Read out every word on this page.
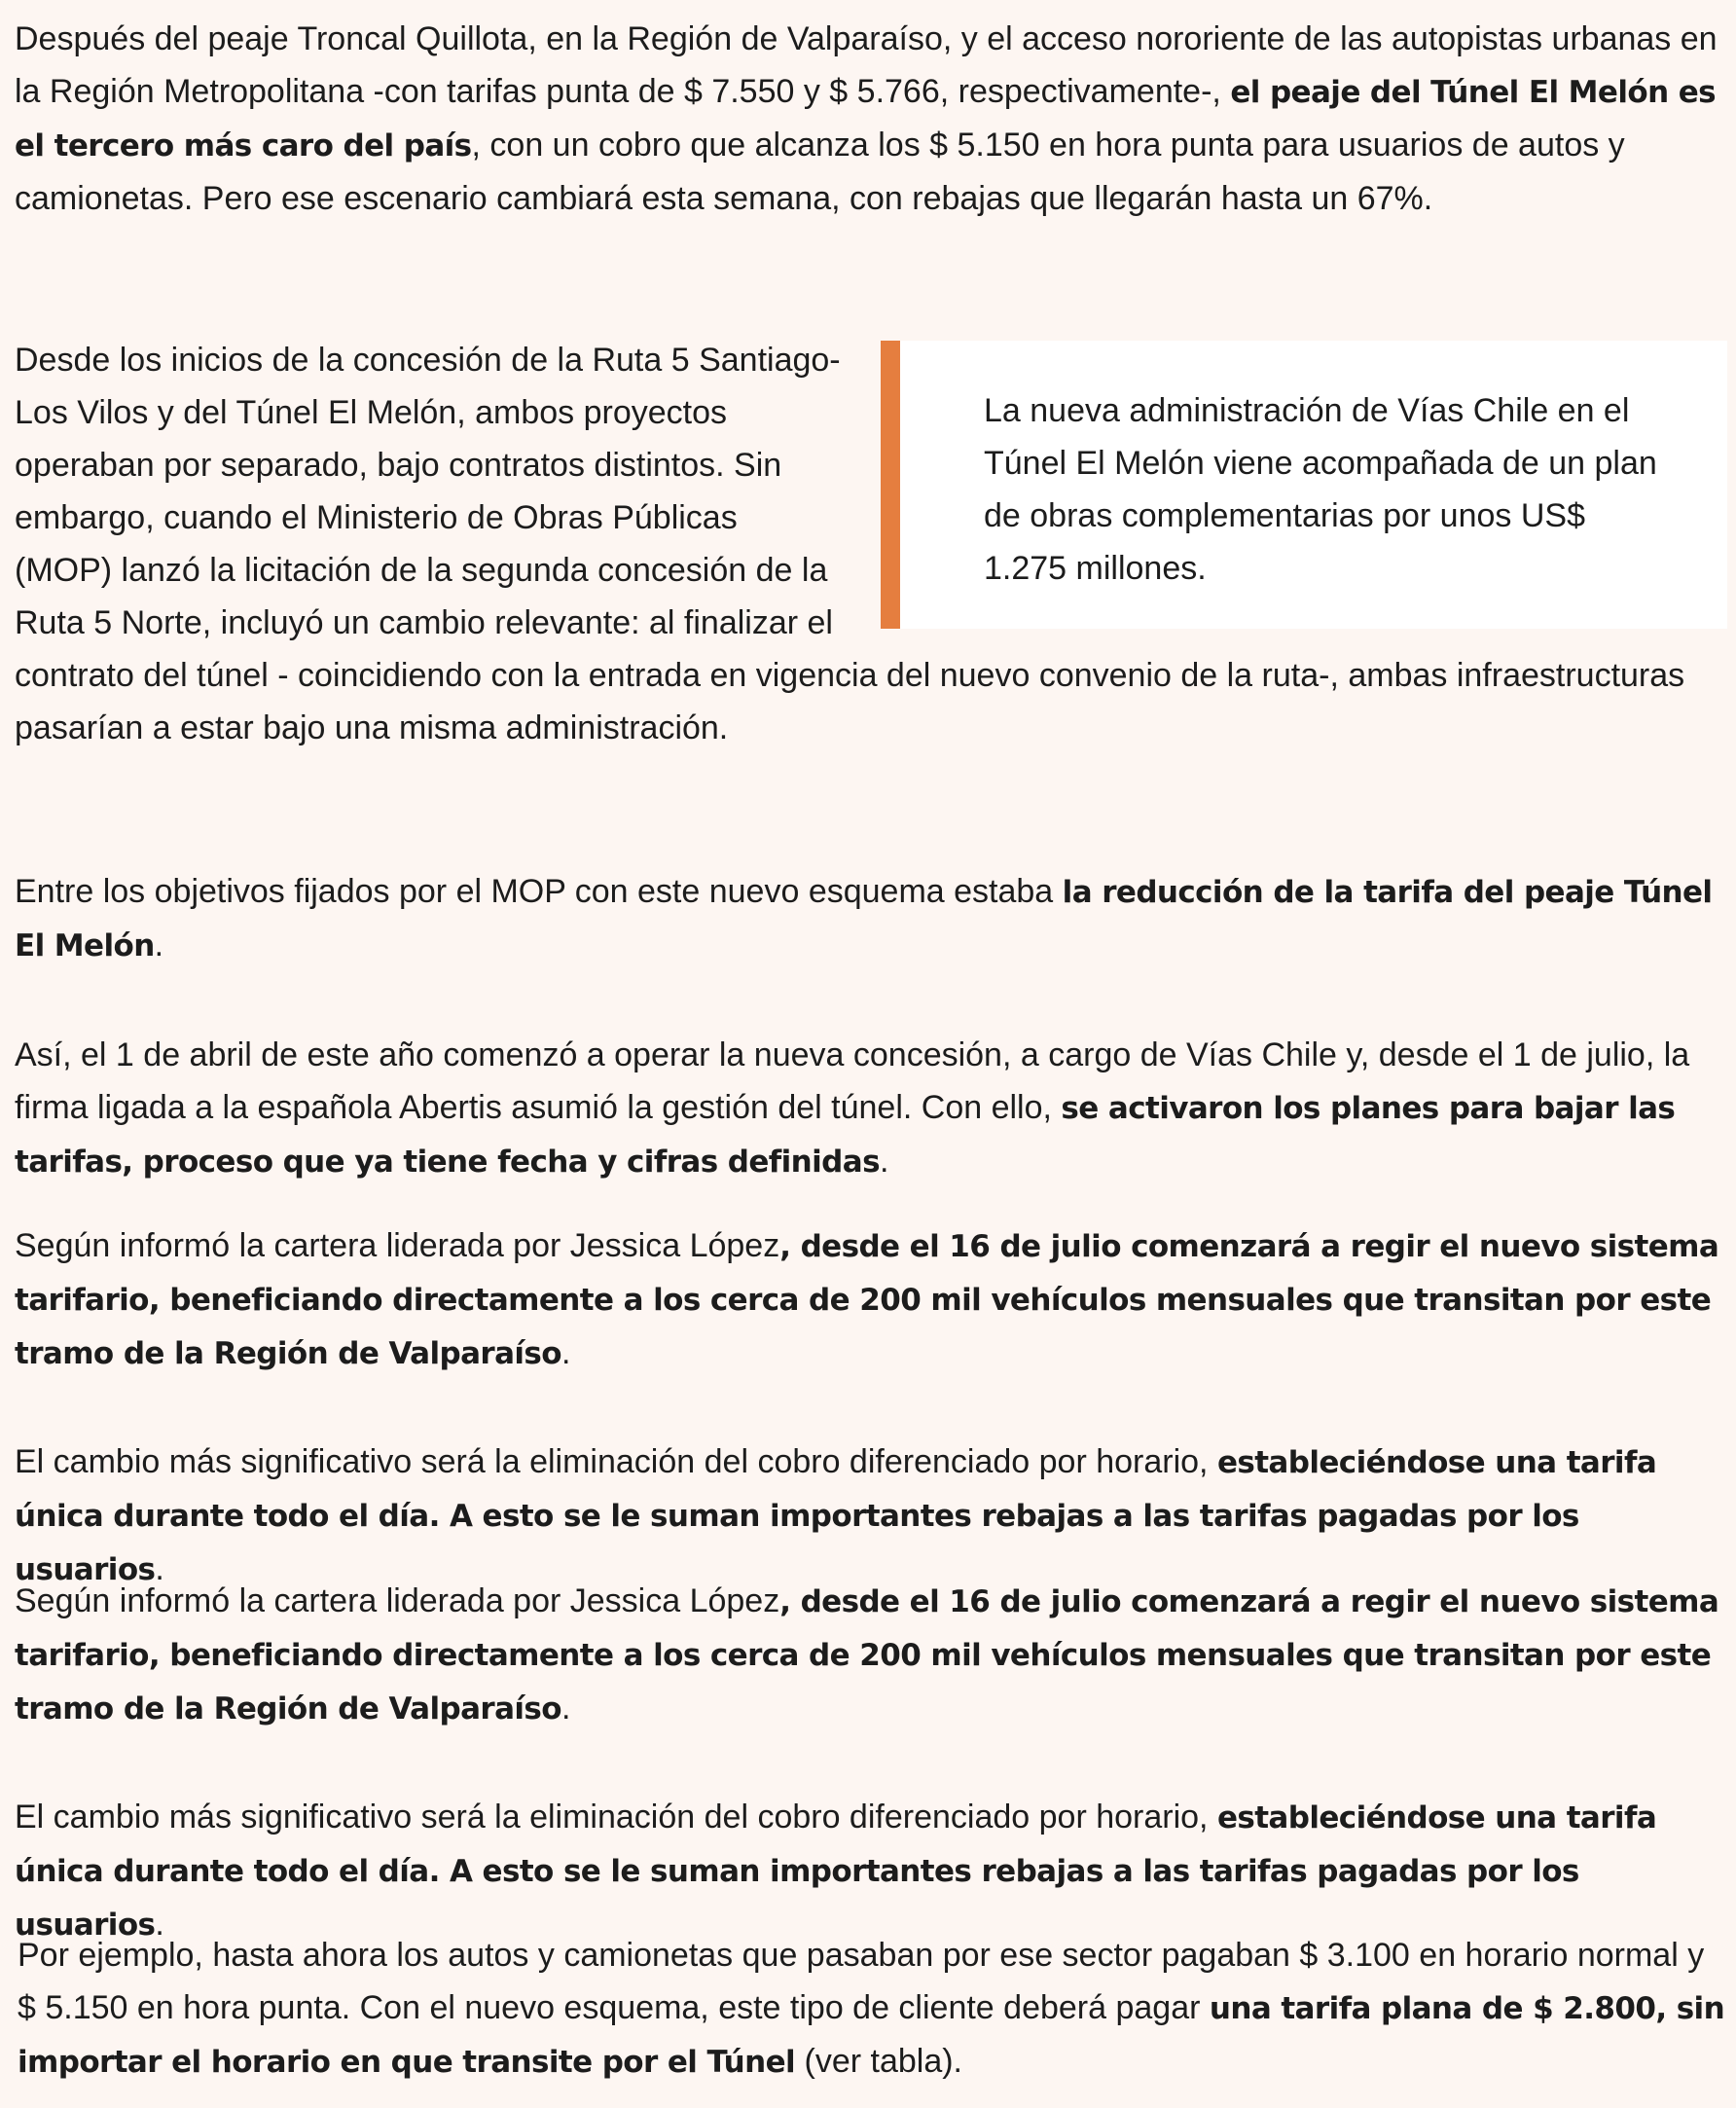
Después del peaje Troncal Quillota, en la Región de Valparaíso, y el acceso nororiente de las autopistas urbanas en la Región Metropolitana -con tarifas punta de $ 7.550 y $ 5.766, respectivamente-, el peaje del Túnel El Melón es el tercero más caro del país, con un cobro que alcanza los $ 5.150 en hora punta para usuarios de autos y camionetas. Pero ese escenario cambiará esta semana, con rebajas que llegarán hasta un 67%.

La nueva administración de Vías Chile en el Túnel El Melón viene acompañada de un plan de obras complementarias por unos US$ 1.275 millones.
Desde los inicios de la concesión de la Ruta 5 Santiago-Los Vilos y del Túnel El Melón, ambos proyectos operaban por separado, bajo contratos distintos. Sin embargo, cuando el Ministerio de Obras Públicas (MOP) lanzó la licitación de la segunda concesión de la Ruta 5 Norte, incluyó un cambio relevante: al finalizar el contrato del túnel - coincidiendo con la entrada en vigencia del nuevo convenio de la ruta-, ambas infraestructuras pasarían a estar bajo una misma administración.

Entre los objetivos fijados por el MOP con este nuevo esquema estaba la reducción de la tarifa del peaje Túnel El Melón.

Así, el 1 de abril de este año comenzó a operar la nueva concesión, a cargo de Vías Chile y, desde el 1 de julio, la firma ligada a la española Abertis asumió la gestión del túnel. Con ello, se activaron los planes para bajar las tarifas, proceso que ya tiene fecha y cifras definidas.

Según informó la cartera liderada por Jessica López, desde el 16 de julio comenzará a regir el nuevo sistema tarifario, beneficiando directamente a los cerca de 200 mil vehículos mensuales que transitan por este tramo de la Región de Valparaíso.

El cambio más significativo será la eliminación del cobro diferenciado por horario, estableciéndose una tarifa única durante todo el día. A esto se le suman importantes rebajas a las tarifas pagadas por los usuarios.

Según informó la cartera liderada por Jessica López, desde el 16 de julio comenzará a regir el nuevo sistema tarifario, beneficiando directamente a los cerca de 200 mil vehículos mensuales que transitan por este tramo de la Región de Valparaíso.

El cambio más significativo será la eliminación del cobro diferenciado por horario, estableciéndose una tarifa única durante todo el día. A esto se le suman importantes rebajas a las tarifas pagadas por los usuarios.

Por ejemplo, hasta ahora los autos y camionetas que pasaban por ese sector pagaban $ 3.100 en horario normal y $ 5.150 en hora punta. Con el nuevo esquema, este tipo de cliente deberá pagar una tarifa plana de $ 2.800, sin importar el horario en que transite por el Túnel (ver tabla).
